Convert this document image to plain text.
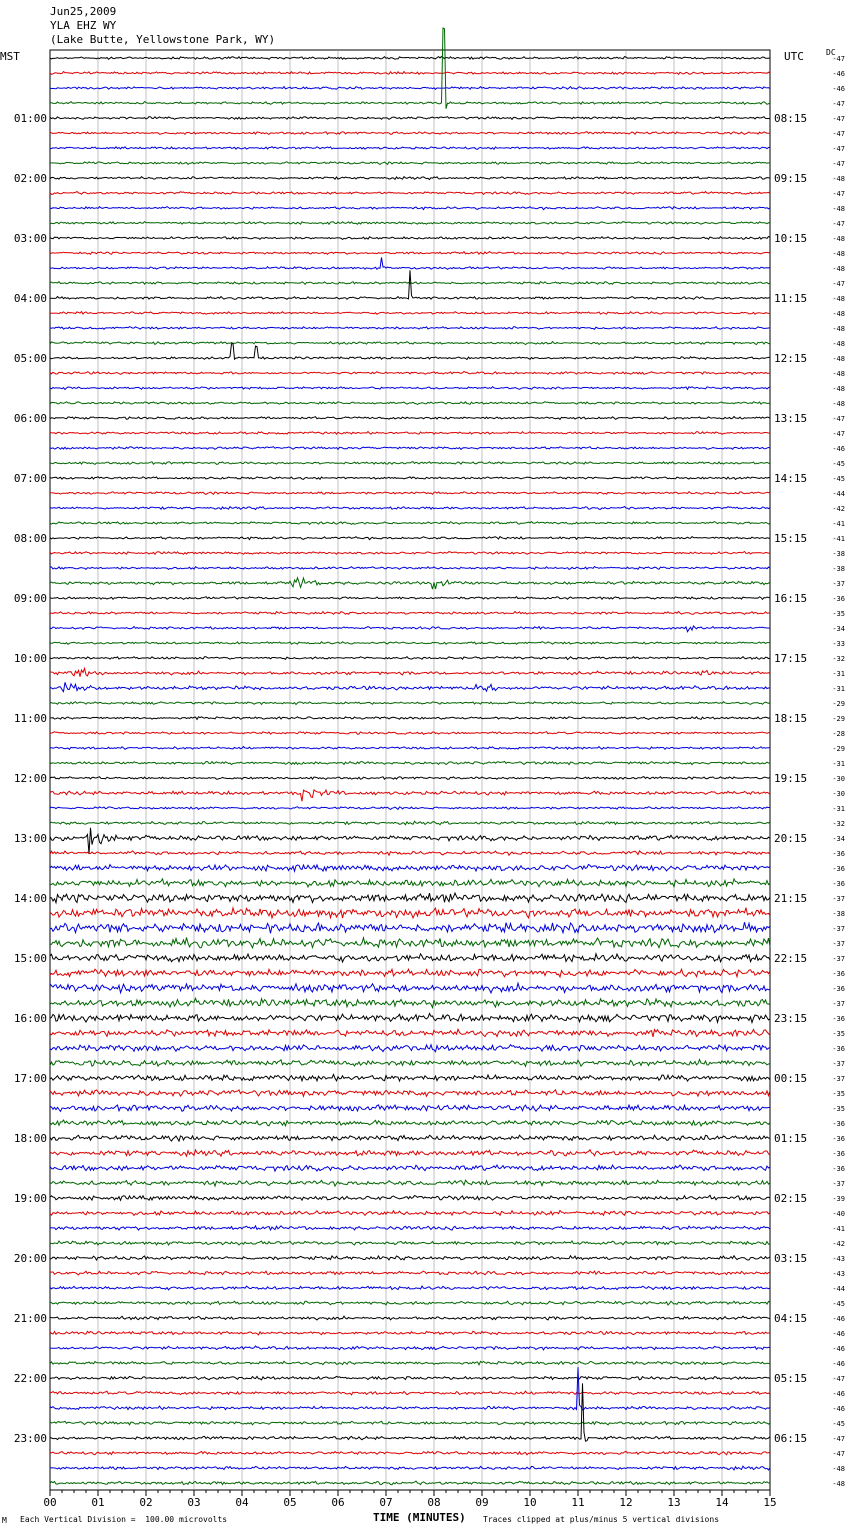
Jun25,2009
YLA EHZ WY
(Lake Butte, Yellowstone Park, WY)
MST	UTC	DC
00	01	02	03	04	05	06	07	08	09	10	11	12	13	14	15
-47
-46
-46
-47
-47
-47
-47
-47
-48
-47
-48
-47
-48
-48
-48
-47
-48
-48
-48
-48
-48
-48
-48
-48
-47
-47
-46
-45
-45
-44
-42
-41
-41
-38
-38
-37
-36
-35
-34
-33
-32
-31
-31
-29
-29
-28
-29
-31
-30
-30
-31
-32
-34
-36
-36
-36
-37
-38
-37
-37
-37
-36
-36
-37
-36
-35
-36
-37
-37
-35
-35
-36
-36
-36
-36
-37
-39
-40
-41
-42
-43
-43
-44
-45
-46
-46
-46
-46
-47
-46
-46
-45
-47
-47
-48
-48
01:00
02:00
03:00
04:00
05:00
06:00
07:00
08:00
09:00
10:00
11:00
12:00
13:00
14:00
15:00
16:00
17:00
18:00
19:00
20:00
21:00
22:00
23:00
08:15
09:15
10:15
11:15
12:15
13:15
14:15
15:15
16:15
17:15
18:15
19:15
20:15
21:15
22:15
23:15
00:15
01:15
02:15
03:15
04:15
05:15
06:15
TIME (MINUTES)
M Each Vertical Division =  100.00 microvolts	Traces clipped at plus/minus 5 vertical divisions
